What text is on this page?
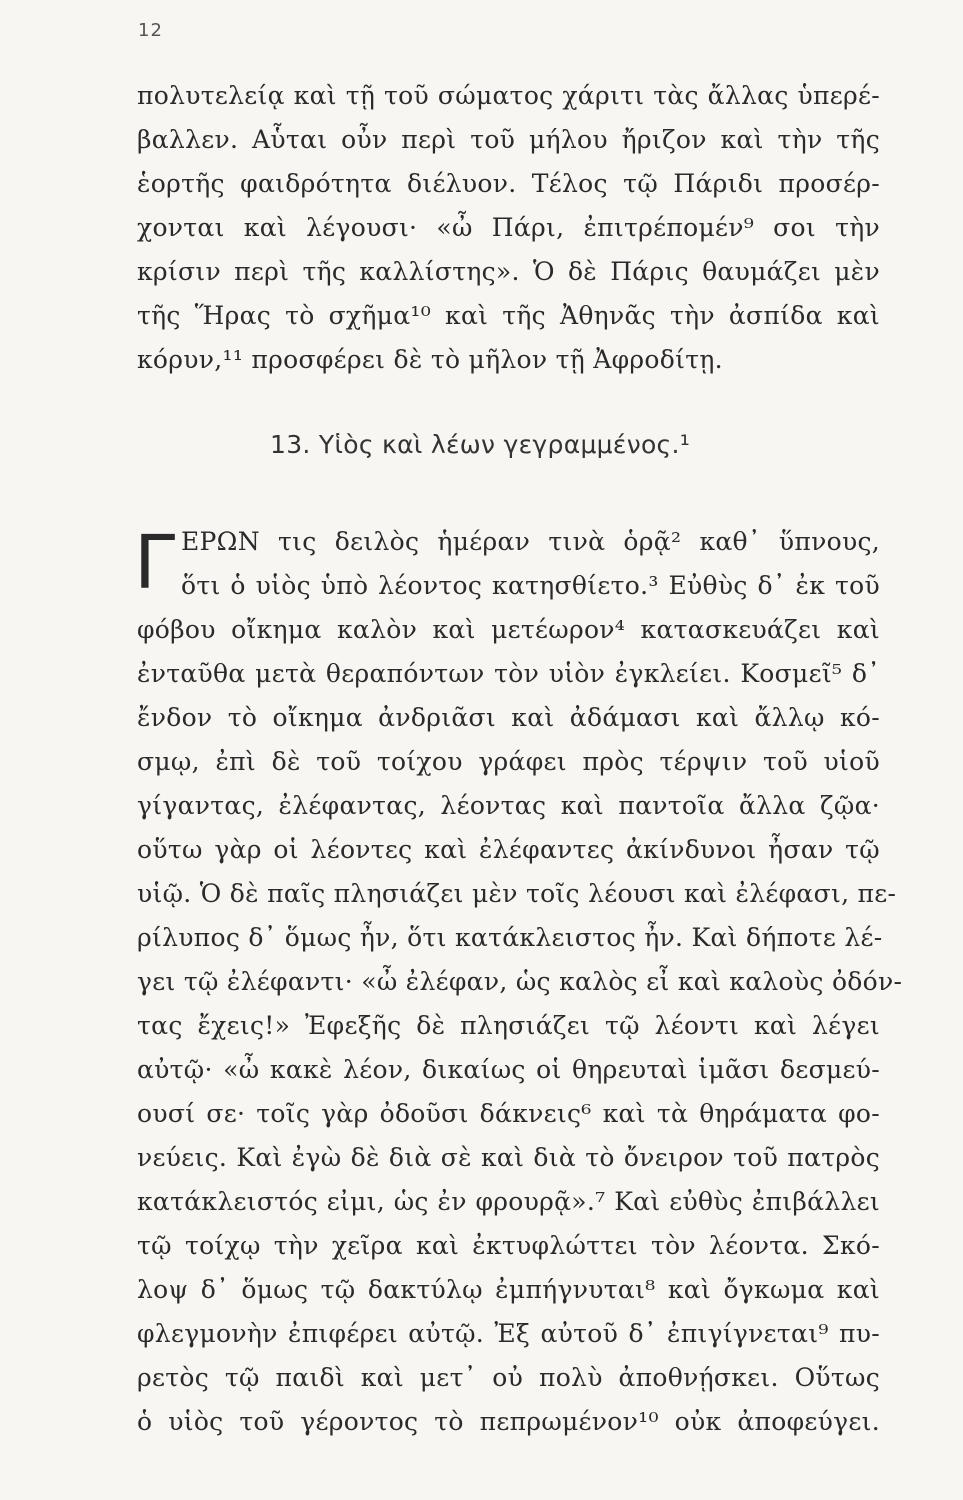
12
πολυτελείᾳ καὶ τῇ τοῦ σώματος χάριτι τὰς ἄλλας ὑπερέ-
βαλλεν. Αὗται οὖν περὶ τοῦ μήλου ἤριζον καὶ τὴν τῆς
ἑορτῆς φαιδρότητα διέλυον. Τέλος τῷ Πάριδι προσέρ-
χονται καὶ λέγουσι· «ὦ Πάρι, ἐπιτρέπομέν⁹ σοι τὴν
κρίσιν περὶ τῆς καλλίστης». Ὁ δὲ Πάρις θαυμάζει μὲν
τῆς Ἥρας τὸ σχῆμα¹⁰ καὶ τῆς Ἀθηνᾶς τὴν ἀσπίδα καὶ
κόρυν,¹¹ προσφέρει δὲ τὸ μῆλον τῇ Ἀφροδίτῃ.
13. Υἱὸς καὶ λέων γεγραμμένος.¹
Γ ΕΡΩΝ τις δειλὸς ἡμέραν τινὰ ὁρᾷ² καθ᾽ ὕπνους,
ὅτι ὁ υἱὸς ὑπὸ λέοντος κατησθίετο.³ Εὐθὺς δ᾽ ἐκ τοῦ
φόβου οἴκημα καλὸν καὶ μετέωρον⁴ κατασκευάζει καὶ
ἐνταῦθα μετὰ θεραπόντων τὸν υἱὸν ἐγκλείει. Κοσμεῖ⁵ δ᾽
ἔνδον τὸ οἴκημα ἀνδριᾶσι καὶ ἀδάμασι καὶ ἄλλῳ κό-
σμῳ, ἐπὶ δὲ τοῦ τοίχου γράφει πρὸς τέρψιν τοῦ υἱοῦ
γίγαντας, ἐλέφαντας, λέοντας καὶ παντοῖα ἄλλα ζῷα·
οὕτω γὰρ οἱ λέοντες καὶ ἐλέφαντες ἀκίνδυνοι ἦσαν τῷ
υἱῷ. Ὁ δὲ παῖς πλησιάζει μὲν τοῖς λέουσι καὶ ἐλέφασι, πε-
ρίλυπος δ᾽ ὅμως ἦν, ὅτι κατάκλειστος ἦν. Καὶ δήποτε λέ-
γει τῷ ἐλέφαντι· «ὦ ἐλέφαν, ὡς καλὸς εἶ καὶ καλοὺς ὀδόν-
τας ἔχεις!» Ἐφεξῆς δὲ πλησιάζει τῷ λέοντι καὶ λέγει
αὐτῷ· «ὦ κακὲ λέον, δικαίως οἱ θηρευταὶ ἱμᾶσι δεσμεύ-
ουσί σε· τοῖς γὰρ ὀδοῦσι δάκνεις⁶ καὶ τὰ θηράματα φο-
νεύεις. Καὶ ἐγὼ δὲ διὰ σὲ καὶ διὰ τὸ ὄνειρον τοῦ πατρὸς
κατάκλειστός εἰμι, ὡς ἐν φρουρᾷ».⁷ Καὶ εὐθὺς ἐπιβάλλει
τῷ τοίχῳ τὴν χεῖρα καὶ ἐκτυφλώττει τὸν λέοντα. Σκό-
λοψ δ᾽ ὅμως τῷ δακτύλῳ ἐμπήγνυται⁸ καὶ ὄγκωμα καὶ
φλεγμονὴν ἐπιφέρει αὐτῷ. Ἐξ αὐτοῦ δ᾽ ἐπιγίγνεται⁹ πυ-
ρετὸς τῷ παιδὶ καὶ μετ᾽ οὐ πολὺ ἀποθνῄσκει. Οὕτως
ὁ υἱὸς τοῦ γέροντος τὸ πεπρωμένον¹⁰ οὐκ ἀποφεύγει.
